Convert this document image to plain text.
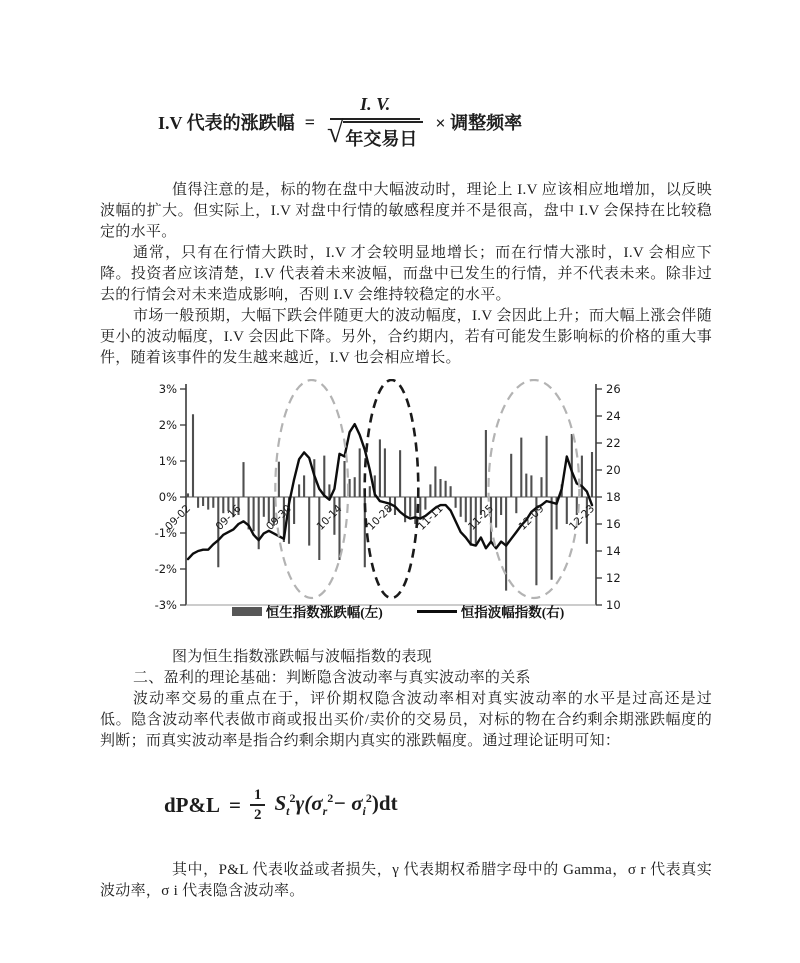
I.V 代表的涨跌幅 = $\frac{I. V.}{\text{√ 年交易日}}$ × 调整频率

值得注意的是，标的物在盘中大幅波动时，理论上 I.V 应该相应地增加，以反映波幅的扩大。但实际上，I.V 对盘中行情的敏感程度并不是很高，盘中 I.V 会保持在比较稳定的水平。

通常，只有在行情大跌时，I.V 才会较明显地增长；而在行情大涨时，I.V 会相应下降。投资者应该清楚，I.V 代表着未来波幅，而盘中已发生的行情，并不代表未来。除非过去的行情会对未来造成影响，否则 I.V 会维持较稳定的水平。

市场一般预期，大幅下跌会伴随更大的波动幅度，I.V 会因此上升；而大幅上涨会伴随更小的波动幅度，I.V 会因此下降。另外，合约期内，若有可能发生影响标的价格的重大事件，随着该事件的发生越来越近，I.V 也会相应增长。

3%
2%
1%
0%
-1%
-2%
-3%
26
24
22
20
18
16
14
12
10
09-02 09-16 09-30 10-14 10-28 11-11 11-25 12-09 12-23
恒生指数涨跌幅(左)	恒指波幅指数(右)

图为恒生指数涨跌幅与波幅指数的表现

二、盈利的理论基础：判断隐含波动率与真实波动率的关系

波动率交易的重点在于，评价期权隐含波动率相对真实波动率的水平是过高还是过低。隐含波动率代表做市商或报出买价/卖价的交易员，对标的物在合约剩余期涨跌幅度的判断；而真实波动率是指合约剩余期内真实的涨跌幅度。通过理论证明可知：

dP&L = $\frac{1}{2} S_t^2\gamma(\sigma_r^2- \sigma_i^2)dt$

其中，P&L 代表收益或者损失，γ 代表期权希腊字母中的 Gamma，σ r 代表真实波动率，σ i 代表隐含波动率。
